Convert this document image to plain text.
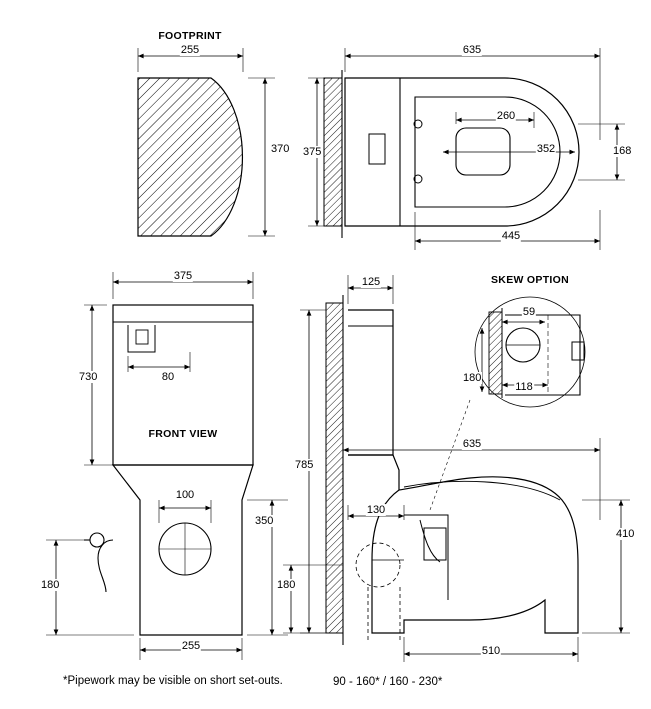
FOOTPRINT
255
370
635
375
260
352	168
445
375
730	80
FRONT VIEW
100
350
180
255
125
785
635
410
130
180
510
SKEW OPTION
59
180
118
*Pipework may be visible on short set-outs.	90 - 160* / 160 - 230*
